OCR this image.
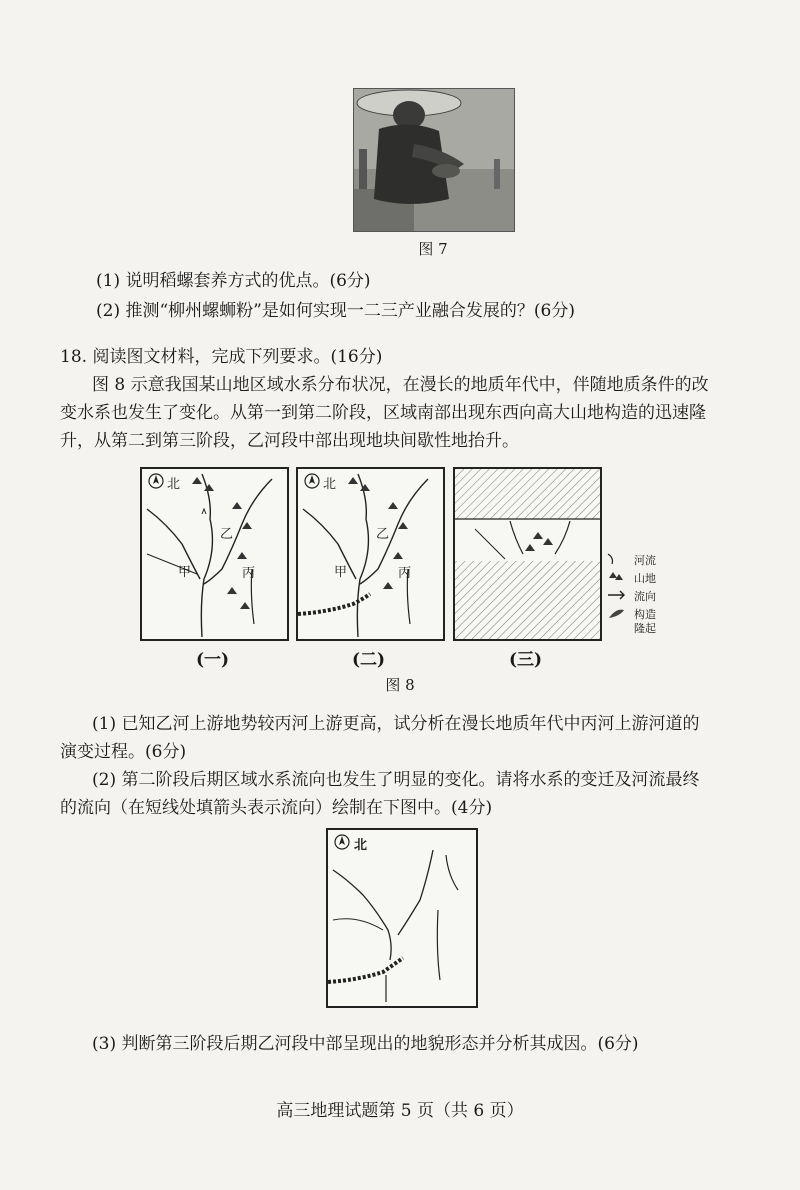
图 7
(1) 说明稻螺套养方式的优点。(6分)
(2) 推测“柳州螺蛳粉”是如何实现一二三产业融合发展的？(6分)
18. 阅读图文材料，完成下列要求。(16分)
图 8 示意我国某山地区域水系分布状况，在漫长的地质年代中，伴随地质条件的改
变水系也发生了变化。从第一到第二阶段，区域南部出现东西向高大山地构造的迅速隆
升，从第二到第三阶段，乙河段中部出现地块间歇性地抬升。
北
甲
乙
丙
(一)
北
甲
乙
丙
(二)	(三)
河流
山地
流向
构造
隆起
图 8
(1) 已知乙河上游地势较丙河上游更高，试分析在漫长地质年代中丙河上游河道的
演变过程。(6分)
(2) 第二阶段后期区域水系流向也发生了明显的变化。请将水系的变迁及河流最终
的流向（在短线处填箭头表示流向）绘制在下图中。(4分)
北
(3) 判断第三阶段后期乙河段中部呈现出的地貌形态并分析其成因。(6分)
高三地理试题第 5 页（共 6 页）
